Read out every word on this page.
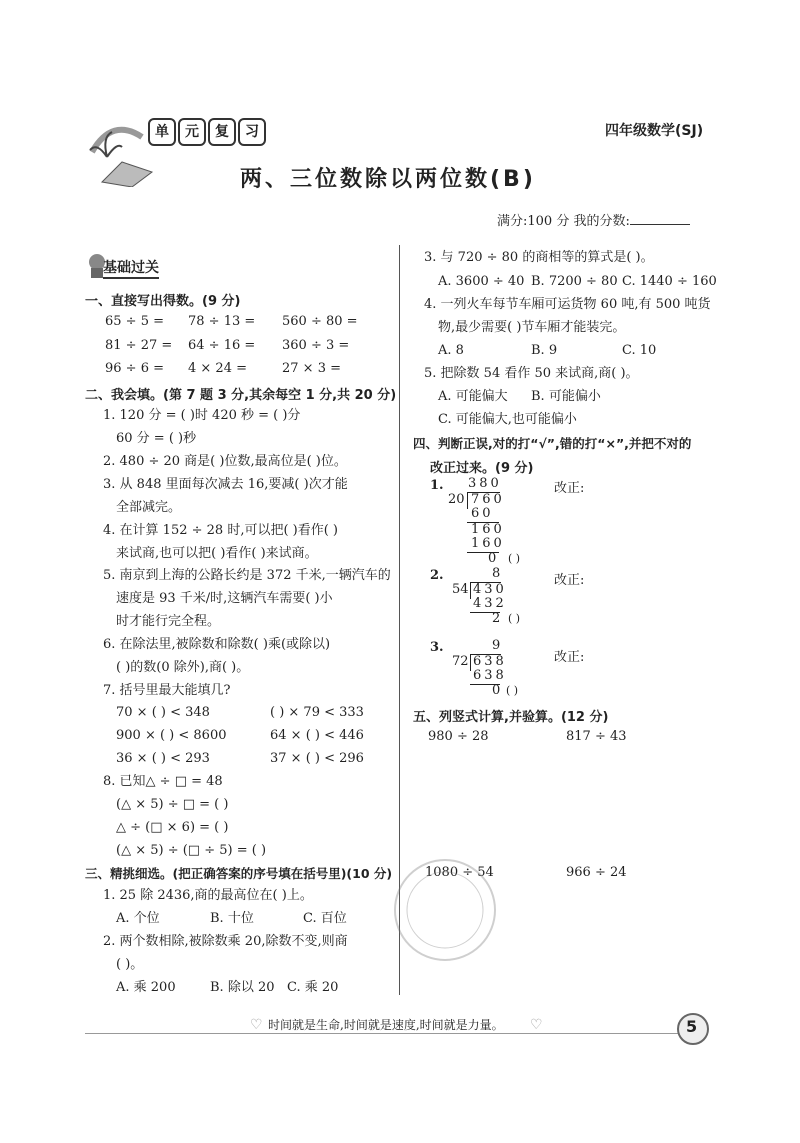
单 元 复 习	四年级数学(SJ)
两、三位数除以两位数(B)
满分:100 分 我的分数:
基础过关
一、直接写出得数。(9 分)
65 ÷ 5 = 78 ÷ 13 = 560 ÷ 80 =
81 ÷ 27 = 64 ÷ 16 = 360 ÷ 3 =
96 ÷ 6 = 4 × 24 =	27 × 3 =
二、我会填。(第 7 题 3 分,其余每空 1 分,共 20 分)
1. 120 分 = ( )时 420 秒 = ( )分
60 分 = ( )秒
2. 480 ÷ 20 商是( )位数,最高位是( )位。
3. 从 848 里面每次减去 16,要减( )次才能
全部减完。
4. 在计算 152 ÷ 28 时,可以把( )看作( )
来试商,也可以把( )看作( )来试商。
5. 南京到上海的公路长约是 372 千米,一辆汽车的
速度是 93 千米/时,这辆汽车需要( )小
时才能行完全程。
6. 在除法里,被除数和除数( )乘(或除以)
( )的数(0 除外),商( )。
7. 括号里最大能填几?
70 × ( ) < 348	( ) × 79 < 333
900 × ( ) < 8600	64 × ( ) < 446
36 × ( ) < 293	37 × ( ) < 296
8. 已知△ ÷ □ = 48
(△ × 5) ÷ □ = ( )
△ ÷ (□ × 6) = ( )
(△ × 5) ÷ (□ ÷ 5) = ( )
三、精挑细选。(把正确答案的序号填在括号里)(10 分)
1. 25 除 2436,商的最高位在( )上。
A. 个位	B. 十位	C. 百位
2. 两个数相除,被除数乘 20,除数不变,则商
( )。
A. 乘 200	B. 除以 20 C. 乘 20
3. 与 720 ÷ 80 的商相等的算式是( )。
A. 3600 ÷ 40 B. 7200 ÷ 80 C. 1440 ÷ 160
4. 一列火车每节车厢可运货物 60 吨,有 500 吨货
物,最少需要( )节车厢才能装完。
A. 8	B. 9	C. 10
5. 把除数 54 看作 50 来试商,商( )。
A. 可能偏大 B. 可能偏小
C. 可能偏大,也可能偏小
四、判断正误,对的打“√”,错的打“×”,并把不对的
改正过来。(9 分)
1. 380
20 760
60
160
160
0 ( )
改正:
2.	8
54 430
432
2 ( )
改正:
3.	9
72 638
638
0 ( )
改正:
五、列竖式计算,并验算。(12 分)
980 ÷ 28	817 ÷ 43
1080 ÷ 54	966 ÷ 24
♡ 时间就是生命,时间就是速度,时间就是力量。 ♡	5
